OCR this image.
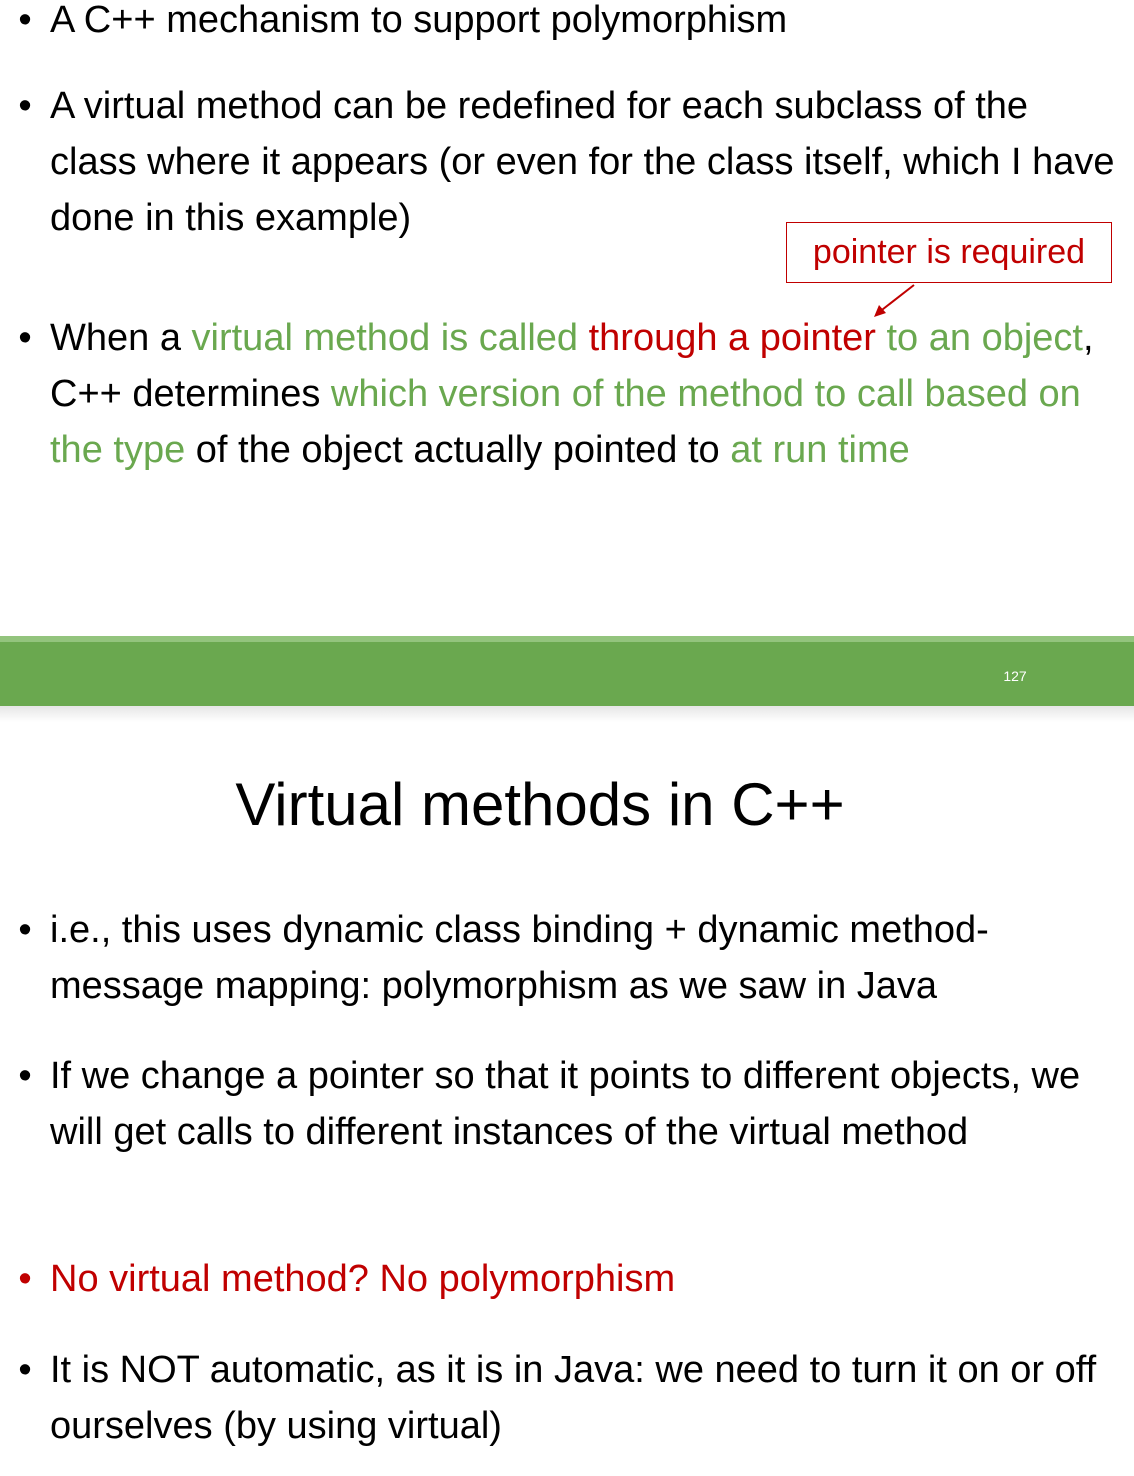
• A C++ mechanism to support polymorphism
• A virtual method can be redefined for each subclass of the class where it appears (or even for the class itself, which I have done in this example)
• When a virtual method is called through a pointer to an object, C++ determines which version of the method to call based on the type of the object actually pointed to at run time
pointer is required
127
Virtual methods in C++
• i.e., this uses dynamic class binding + dynamic method-message mapping: polymorphism as we saw in Java
• If we change a pointer so that it points to different objects, we will get calls to different instances of the virtual method
• No virtual method? No polymorphism
• It is NOT automatic, as it is in Java: we need to turn it on or off ourselves (by using virtual)
